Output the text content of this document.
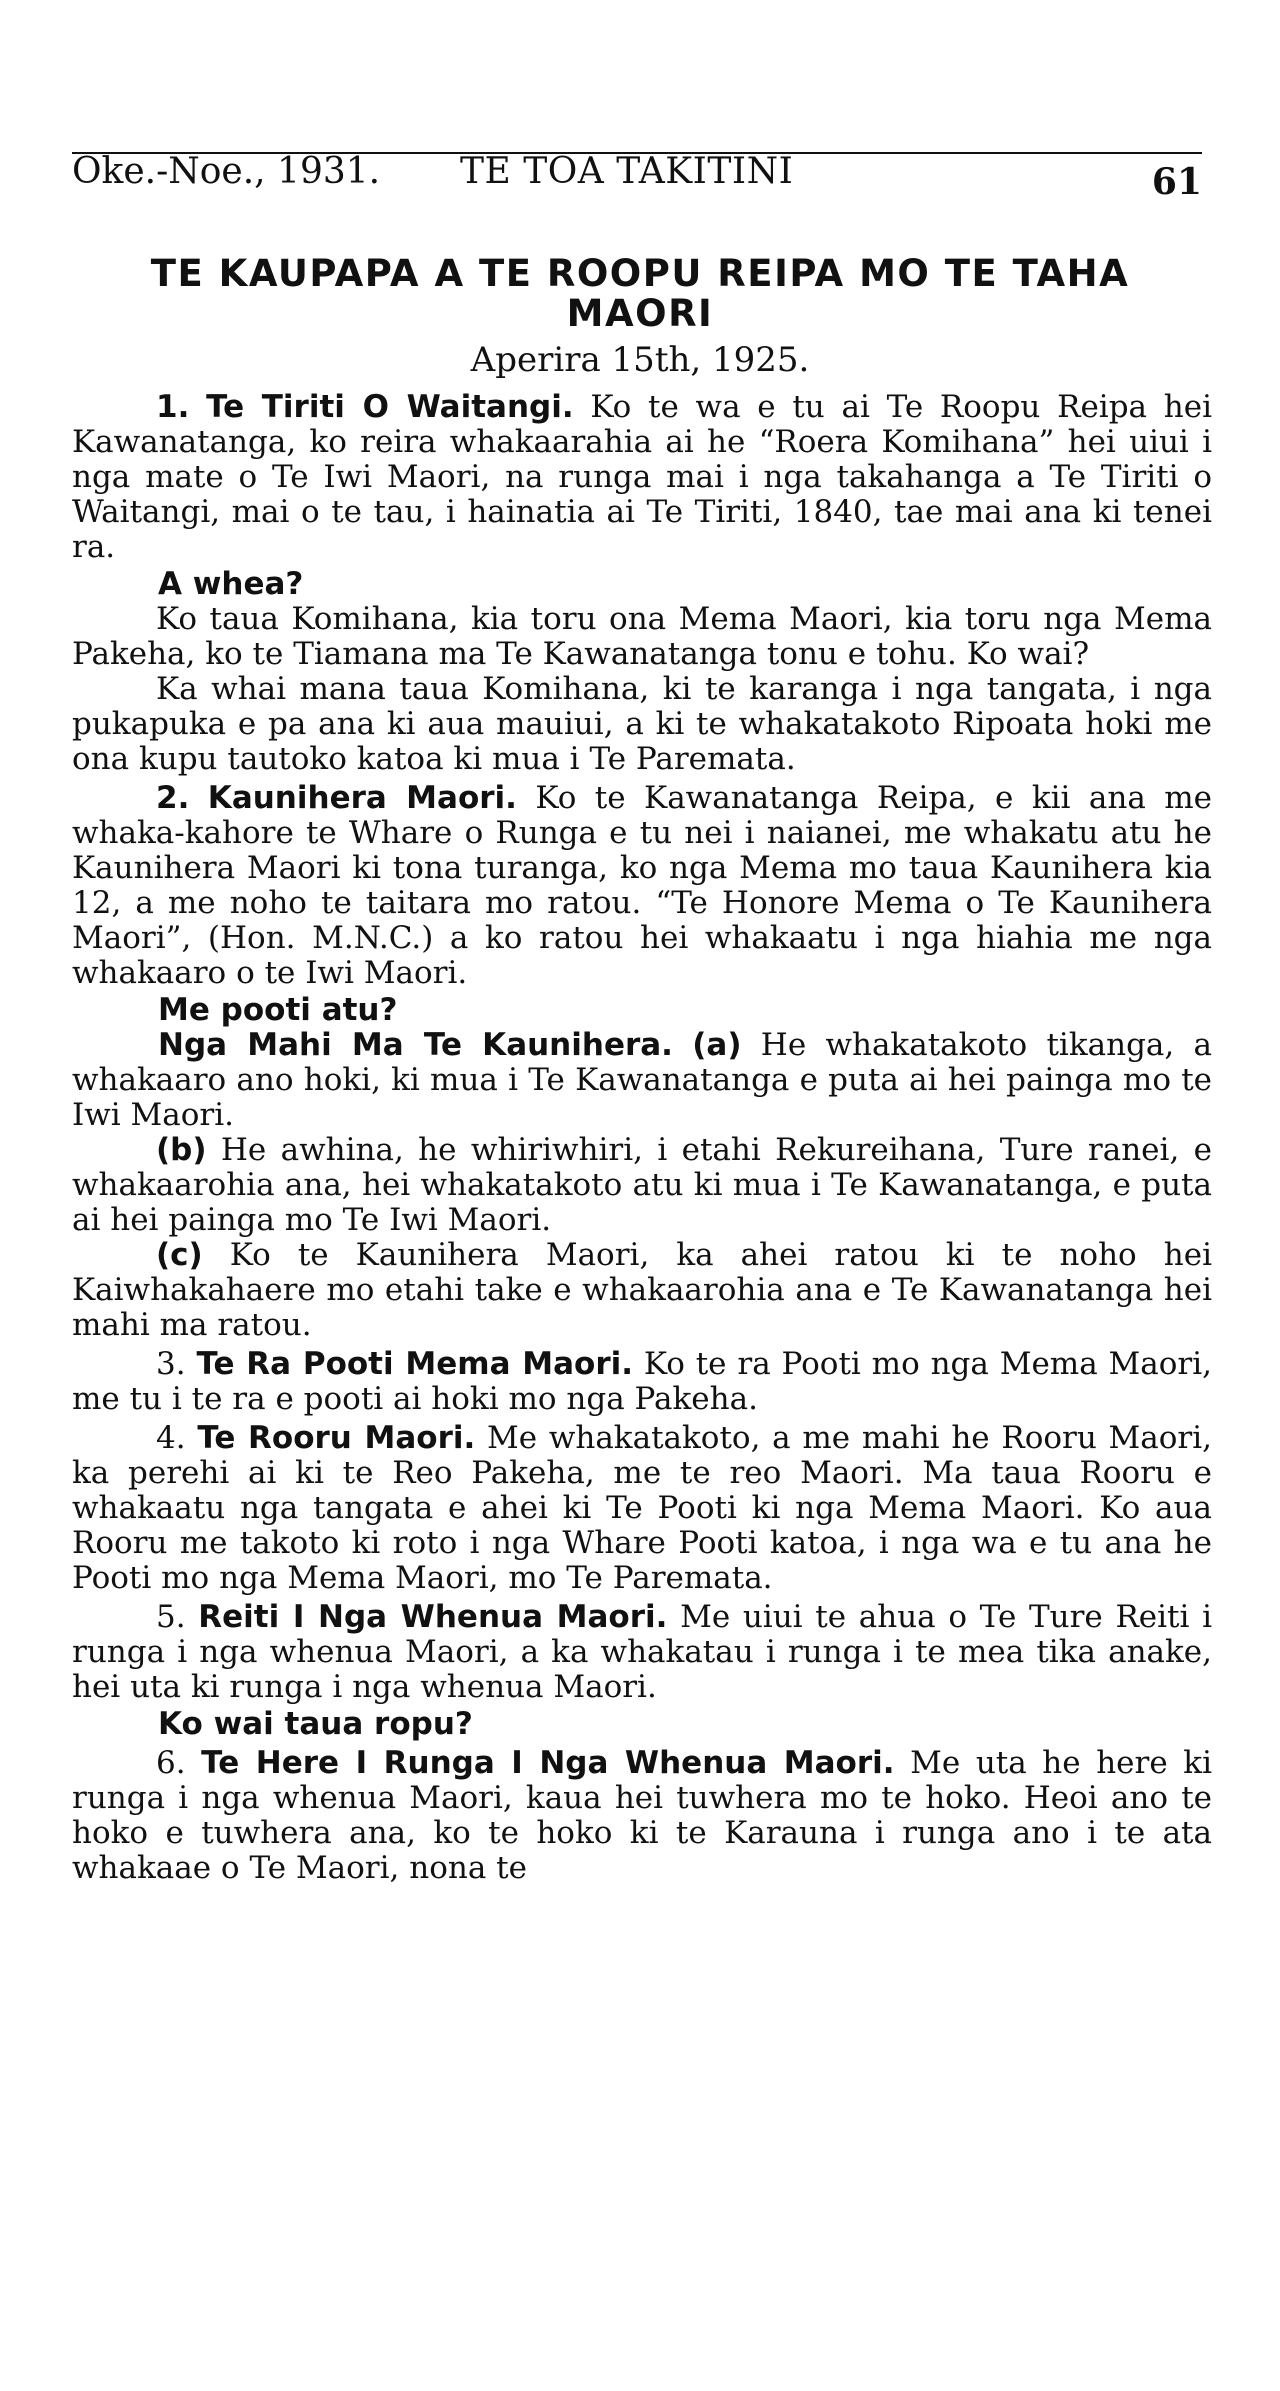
Oke.-Noe., 1931. TE TOA TAKITINI	61
TE KAUPAPA A TE ROOPU REIPA MO TE TAHA MAORI
Aperira 15th, 1925.

1. Te Tiriti O Waitangi. Ko te wa e tu ai Te Roopu Reipa hei Kawanatanga, ko reira whakaarahia ai he “Roera Komihana” hei uiui i nga mate o Te Iwi Maori, na runga mai i nga takahanga a Te Tiriti o Waitangi, mai o te tau, i hainatia ai Te Tiriti, 1840, tae mai ana ki tenei ra.

A whea?

Ko taua Komihana, kia toru ona Mema Maori, kia toru nga Mema Pakeha, ko te Tiamana ma Te Kawanatanga tonu e tohu. Ko wai?

Ka whai mana taua Komihana, ki te karanga i nga tangata, i nga pukapuka e pa ana ki aua mauiui, a ki te whakatakoto Ripoata hoki me ona kupu tautoko katoa ki mua i Te Paremata.

2. Kaunihera Maori. Ko te Kawanatanga Reipa, e kii ana me whaka-kahore te Whare o Runga e tu nei i naianei, me whakatu atu he Kaunihera Maori ki tona turanga, ko nga Mema mo taua Kaunihera kia 12, a me noho te taitara mo ratou. “Te Honore Mema o Te Kaunihera Maori”, (Hon. M.N.C.) a ko ratou hei whakaatu i nga hiahia me nga whakaaro o te Iwi Maori.

Me pooti atu?

Nga Mahi Ma Te Kaunihera. (a) He whakatakoto tikanga, a whakaaro ano hoki, ki mua i Te Kawanatanga e puta ai hei painga mo te Iwi Maori.

(b) He awhina, he whiriwhiri, i etahi Rekureihana, Ture ranei, e whakaarohia ana, hei whakatakoto atu ki mua i Te Kawanatanga, e puta ai hei painga mo Te Iwi Maori.

(c) Ko te Kaunihera Maori, ka ahei ratou ki te noho hei Kaiwhakahaere mo etahi take e whakaarohia ana e Te Kawanatanga hei mahi ma ratou.

3. Te Ra Pooti Mema Maori. Ko te ra Pooti mo nga Mema Maori, me tu i te ra e pooti ai hoki mo nga Pakeha.

4. Te Rooru Maori. Me whakatakoto, a me mahi he Rooru Maori, ka perehi ai ki te Reo Pakeha, me te reo Maori. Ma taua Rooru e whakaatu nga tangata e ahei ki Te Pooti ki nga Mema Maori. Ko aua Rooru me takoto ki roto i nga Whare Pooti katoa, i nga wa e tu ana he Pooti mo nga Mema Maori, mo Te Paremata.

5. Reiti I Nga Whenua Maori. Me uiui te ahua o Te Ture Reiti i runga i nga whenua Maori, a ka whakatau i runga i te mea tika anake, hei uta ki runga i nga whenua Maori.

Ko wai taua ropu?

6. Te Here I Runga I Nga Whenua Maori. Me uta he here ki runga i nga whenua Maori, kaua hei tuwhera mo te hoko. Heoi ano te hoko e tuwhera ana, ko te hoko ki te Karauna i runga ano i te ata whakaae o Te Maori, nona te
